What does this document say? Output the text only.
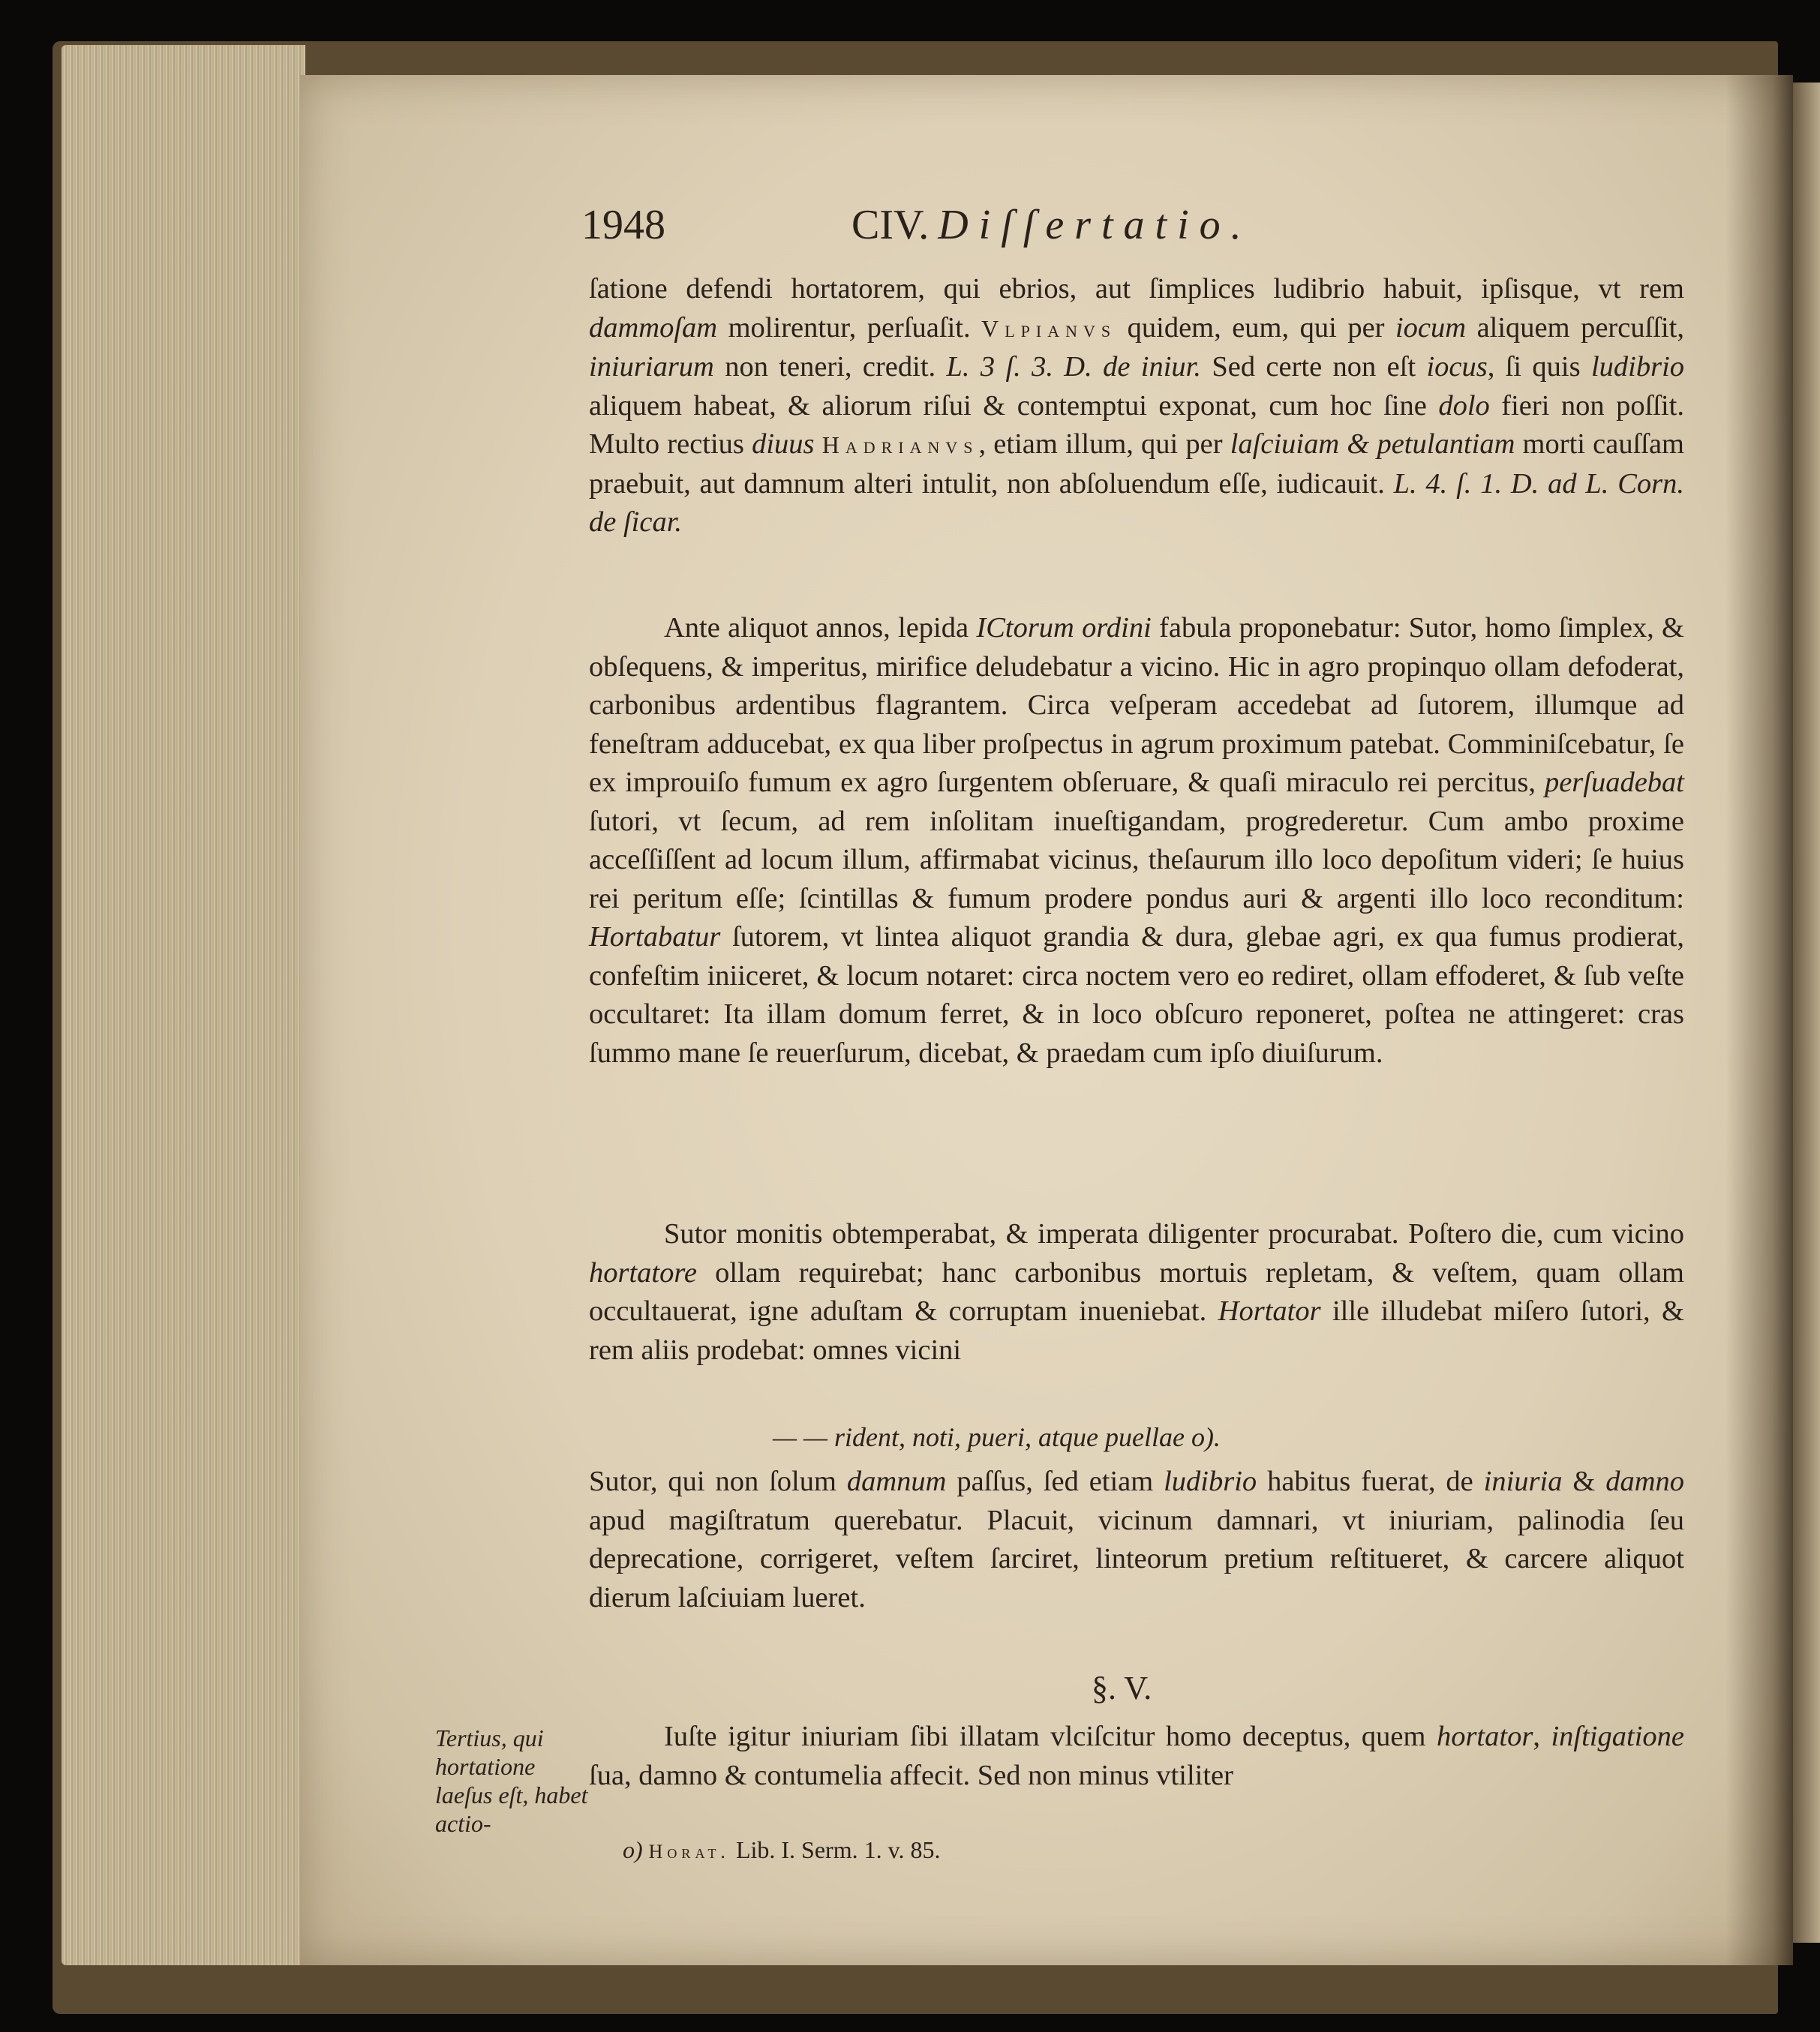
1948	CIV. Diſſertatio.

ſatione defendi hortatorem, qui ebrios, aut ſimplices ludibrio habuit, ipſisque, vt rem dammoſam molirentur, perſuaſit. Vlpianvs quidem, eum, qui per iocum aliquem percuſſit, iniuriarum non teneri, credit. L. 3 ſ. 3. D. de iniur. Sed certe non eſt iocus, ſi quis ludibrio aliquem habeat, & aliorum riſui & contemptui exponat, cum hoc ſine dolo fieri non poſſit. Multo rectius diuus Hadrianvs, etiam illum, qui per laſciuiam & petulantiam morti cauſſam praebuit, aut damnum alteri intulit, non abſoluendum eſſe, iudicauit. L. 4. ſ. 1. D. ad L. Corn. de ſicar.

Ante aliquot annos, lepida ICtorum ordini fabula proponebatur: Sutor, homo ſimplex, & obſequens, & imperitus, mirifice deludebatur a vicino. Hic in agro propinquo ollam defoderat, carbonibus ardentibus flagrantem. Circa veſperam accedebat ad ſutorem, illumque ad feneſtram adducebat, ex qua liber proſpectus in agrum proximum patebat. Comminiſcebatur, ſe ex improuiſo fumum ex agro ſurgentem obſeruare, & quaſi miraculo rei percitus, perſuadebat ſutori, vt ſecum, ad rem inſolitam inueſtigandam, progrederetur. Cum ambo proxime acceſſiſſent ad locum illum, affirmabat vicinus, theſaurum illo loco depoſitum videri; ſe huius rei peritum eſſe; ſcintillas & fumum prodere pondus auri & argenti illo loco reconditum: Hortabatur ſutorem, vt lintea aliquot grandia & dura, glebae agri, ex qua fumus prodierat, confeſtim iniiceret, & locum notaret: circa noctem vero eo rediret, ollam effoderet, & ſub veſte occultaret: Ita illam domum ferret, & in loco obſcuro reponeret, poſtea ne attingeret: cras ſummo mane ſe reuerſurum, dicebat, & praedam cum ipſo diuiſurum.

Sutor monitis obtemperabat, & imperata diligenter procurabat. Poſtero die, cum vicino hortatore ollam requirebat; hanc carbonibus mortuis repletam, & veſtem, quam ollam occultauerat, igne aduſtam & corruptam inueniebat. Hortator ille illudebat miſero ſutori, & rem aliis prodebat: omnes vicini

— — rident, noti, pueri, atque puellae o).

Sutor, qui non ſolum damnum paſſus, ſed etiam ludibrio habitus fuerat, de iniuria & damno apud magiſtratum querebatur. Placuit, vicinum damnari, vt iniuriam, palinodia ſeu deprecatione, corrigeret, veſtem ſarciret, linteorum pretium reſtitueret, & carcere aliquot dierum laſciuiam lueret.

§. V.
Tertius, qui hortatione laeſus eſt, habet actio-

Iuſte igitur iniuriam ſibi illatam vlciſcitur homo deceptus, quem hortator, inſtigatione ſua, damno & contumelia affecit. Sed non minus vtiliter

o) Horat. Lib. I. Serm. 1. v. 85.
